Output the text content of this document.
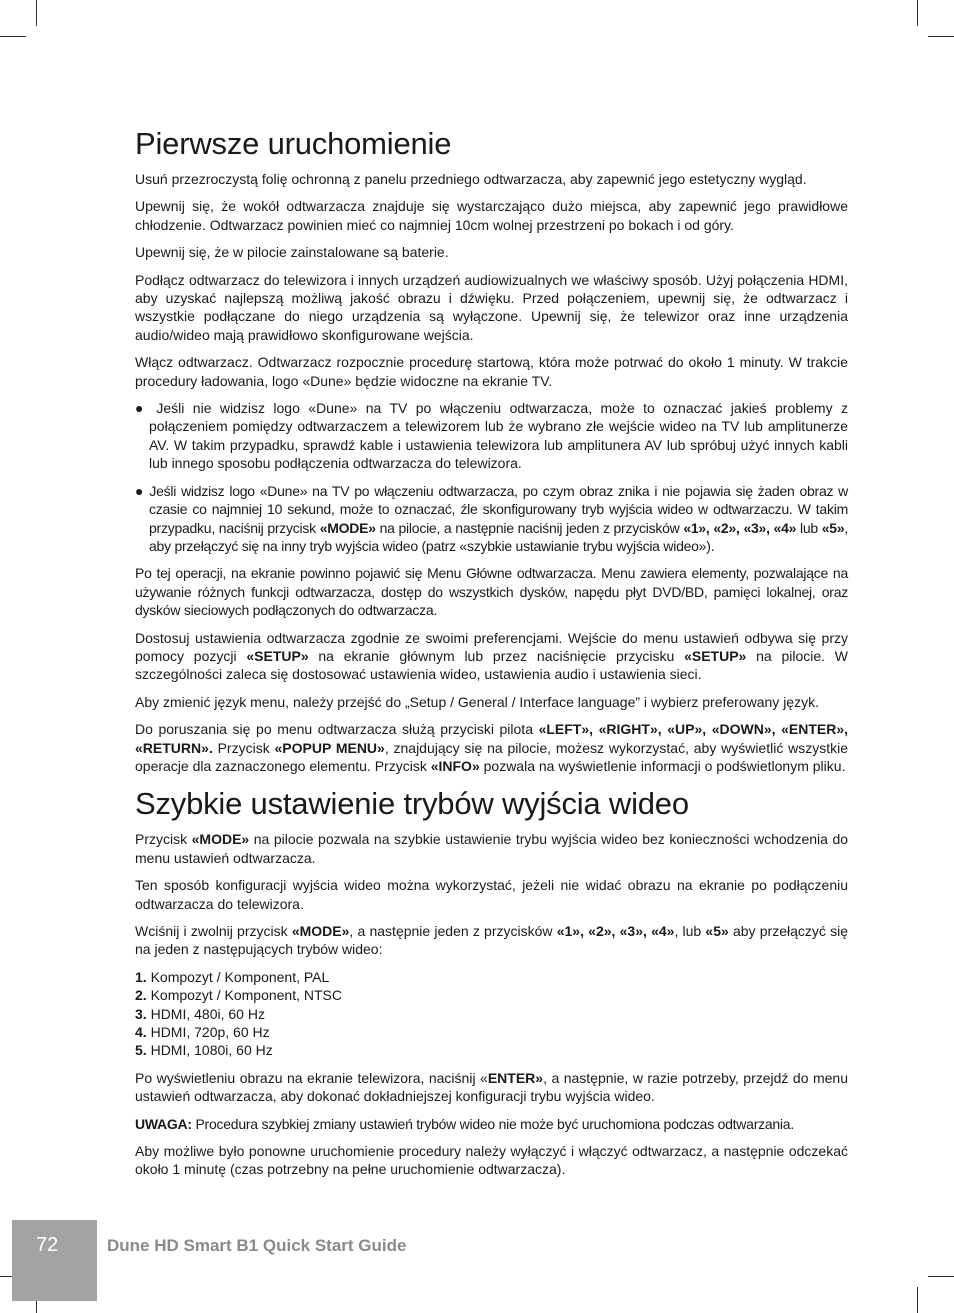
Pierwsze uruchomienie

Usuń przezroczystą folię ochronną z panelu przedniego odtwarzacza, aby zapewnić jego estetyczny wygląd.

Upewnij się, że wokół odtwarzacza znajduje się wystarczająco dużo miejsca, aby zapewnić jego prawidłowe chłodzenie. Odtwarzacz powinien mieć co najmniej 10cm wolnej przestrzeni po bokach i od góry.

Upewnij się, że w pilocie zainstalowane są baterie.

Podłącz odtwarzacz do telewizora i innych urządzeń audiowizualnych we właściwy sposób. Użyj połączenia HDMI, aby uzyskać najlepszą możliwą jakość obrazu i dźwięku. Przed połączeniem, upewnij się, że odtwarzacz i wszystkie podłączane do niego urządzenia są wyłączone. Upewnij się, że telewizor oraz inne urządzenia audio/wideo mają prawidłowo skonfigurowane wejścia.

Włącz odtwarzacz. Odtwarzacz rozpocznie procedurę startową, która może potrwać do około 1 minuty. W trakcie procedury ładowania, logo «Dune» będzie widoczne na ekranie TV.

● Jeśli nie widzisz logo «Dune» na TV po włączeniu odtwarzacza, może to oznaczać jakieś problemy z połączeniem pomiędzy odtwarzaczem a telewizorem lub że wybrano złe wejście wideo na TV lub amplitunerze AV. W takim przypadku, sprawdź kable i ustawienia telewizora lub amplitunera AV lub spróbuj użyć innych kabli lub innego sposobu podłączenia odtwarzacza do telewizora.

● Jeśli widzisz logo «Dune» na TV po włączeniu odtwarzacza, po czym obraz znika i nie pojawia się żaden obraz w czasie co najmniej 10 sekund, może to oznaczać, źle skonfigurowany tryb wyjścia wideo w odtwarzaczu. W takim przypadku, naciśnij przycisk «MODE» na pilocie, a następnie naciśnij jeden z przycisków «1», «2», «3», «4» lub «5», aby przełączyć się na inny tryb wyjścia wideo (patrz «szybkie ustawianie trybu wyjścia wideo»).

Po tej operacji, na ekranie powinno pojawić się Menu Główne odtwarzacza. Menu zawiera elementy, pozwalające na używanie różnych funkcji odtwarzacza, dostęp do wszystkich dysków, napędu płyt DVD/BD, pamięci lokalnej, oraz dysków sieciowych podłączonych do odtwarzacza.

Dostosuj ustawienia odtwarzacza zgodnie ze swoimi preferencjami. Wejście do menu ustawień odbywa się przy pomocy pozycji «SETUP» na ekranie głównym lub przez naciśnięcie przycisku «SETUP» na pilocie. W szczególności zaleca się dostosować ustawienia wideo, ustawienia audio i ustawienia sieci.

Aby zmienić język menu, należy przejść do „Setup / General / Interface language” i wybierz preferowany język.

Do poruszania się po menu odtwarzacza służą przyciski pilota «LEFT», «RIGHT», «UP», «DOWN», «ENTER», «RETURN». Przycisk «POPUP MENU», znajdujący się na pilocie, możesz wykorzystać, aby wyświetlić wszystkie operacje dla zaznaczonego elementu. Przycisk «INFO» pozwala na wyświetlenie informacji o podświetlonym pliku.

Szybkie ustawienie trybów wyjścia wideo

Przycisk «MODE» na pilocie pozwala na szybkie ustawienie trybu wyjścia wideo bez konieczności wchodzenia do menu ustawień odtwarzacza.

Ten sposób konfiguracji wyjścia wideo można wykorzystać, jeżeli nie widać obrazu na ekranie po podłączeniu odtwarzacza do telewizora.

Wciśnij i zwolnij przycisk «MODE», a następnie jeden z przycisków «1», «2», «3», «4», lub «5» aby przełączyć się na jeden z następujących trybów wideo:

1. Kompozyt / Komponent, PAL
2. Kompozyt / Komponent, NTSC
3. HDMI, 480i, 60 Hz
4. HDMI, 720p, 60 Hz
5. HDMI, 1080i, 60 Hz

Po wyświetleniu obrazu na ekranie telewizora, naciśnij «ENTER», a następnie, w razie potrzeby, przejdź do menu ustawień odtwarzacza, aby dokonać dokładniejszej konfiguracji trybu wyjścia wideo.

UWAGA: Procedura szybkiej zmiany ustawień trybów wideo nie może być uruchomiona podczas odtwarzania.

Aby możliwe było ponowne uruchomienie procedury należy wyłączyć i włączyć odtwarzacz, a następnie odczekać około 1 minutę (czas potrzebny na pełne uruchomienie odtwarzacza).

72	Dune HD Smart B1 Quick Start Guide
